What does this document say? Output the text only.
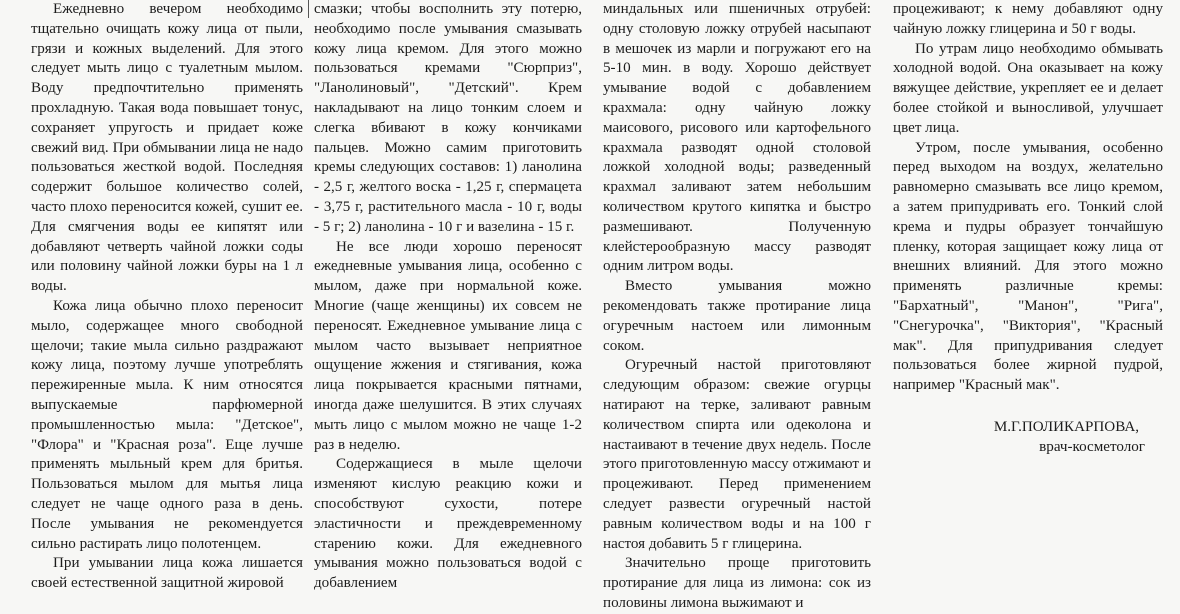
Ежедневно вечером необходимо тщательно очищать кожу лица от пыли, грязи и кожных выделений. Для этого следует мыть лицо с туалетным мылом. Воду предпочтительно применять прохладную. Такая вода повышает тонус, сохраняет упругость и придает коже свежий вид. При обмывании лица не надо пользоваться жесткой водой. Последняя содержит большое количество солей, часто плохо переносится кожей, сушит ее. Для смягчения воды ее кипятят или добавляют четверть чайной ложки соды или половину чайной ложки буры на 1 л воды.

Кожа лица обычно плохо переносит мыло, содержащее много свободной щелочи; такие мыла сильно раздражают кожу лица, поэтому лучше употреблять пережиренные мыла. К ним относятся выпускаемые парфюмерной промышленностью мыла: "Детское", "Флора" и "Красная роза". Еще лучше применять мыльный крем для бритья. Пользоваться мылом для мытья лица следует не чаще одного раза в день. После умывания не рекомендуется сильно растирать лицо полотенцем.

При умывании лица кожа лишается своей естественной защитной жировой

смазки; чтобы восполнить эту потерю, необходимо после умывания смазывать кожу лица кремом. Для этого можно пользоваться кремами "Сюрприз", "Ланолиновый", "Детский". Крем накладывают на лицо тонким слоем и слегка вбивают в кожу кончиками пальцев. Можно самим приготовить кремы следующих составов: 1) ланолина - 2,5 г, желтого воска - 1,25 г, спермацета - 3,75 г, растительного масла - 10 г, воды - 5 г; 2) ланолина - 10 г и вазелина - 15 г.

Не все люди хорошо переносят ежедневные умывания лица, особенно с мылом, даже при нормальной коже. Многие (чаще женщины) их совсем не переносят. Ежедневное умывание лица с мылом часто вызывает неприятное ощущение жжения и стягивания, кожа лица покрывается красными пятнами, иногда даже шелушится. В этих случаях мыть лицо с мылом можно не чаще 1-2 раз в неделю.

Содержащиеся в мыле щелочи изменяют кислую реакцию кожи и способствуют сухости, потере эластичности и преждевременному старению кожи. Для ежедневного умывания можно пользоваться водой с добавлением

миндальных или пшеничных отрубей: одну столовую ложку отрубей насыпают в мешочек из марли и погружают его на 5-10 мин. в воду. Хорошо действует умывание водой с добавлением крахмала: одну чайную ложку маисового, рисового или картофельного крахмала разводят одной столовой ложкой холодной воды; разведенный крахмал заливают затем небольшим количеством крутого кипятка и быстро размешивают. Полученную клейстерообразную массу разводят одним литром воды.

Вместо умывания можно рекомендовать также протирание лица огуречным настоем или лимонным соком.

Огуречный настой приготовляют следующим образом: свежие огурцы натирают на терке, заливают равным количеством спирта или одеколона и настаивают в течение двух недель. После этого приготовленную массу отжимают и процеживают. Перед применением следует развести огуречный настой равным количеством воды и на 100 г настоя добавить 5 г глицерина.

Значительно проще приготовить протирание для лица из лимона: сок из половины лимона выжимают и

процеживают; к нему добавляют одну чайную ложку глицерина и 50 г воды.

По утрам лицо необходимо обмывать холодной водой. Она оказывает на кожу вяжущее действие, укрепляет ее и делает более стойкой и выносливой, улучшает цвет лица.

Утром, после умывания, особенно перед выходом на воздух, желательно равномерно смазывать все лицо кремом, а затем припудривать его. Тонкий слой крема и пудры образует тончайшую пленку, которая защищает кожу лица от внешних влияний. Для этого можно применять различные кремы: "Бархатный", "Манон", "Рига", "Снегурочка", "Виктория", "Красный мак". Для припудривания следует пользоваться более жирной пудрой, например "Красный мак".

М.Г.ПОЛИКАРПОВА,
врач-косметолог
